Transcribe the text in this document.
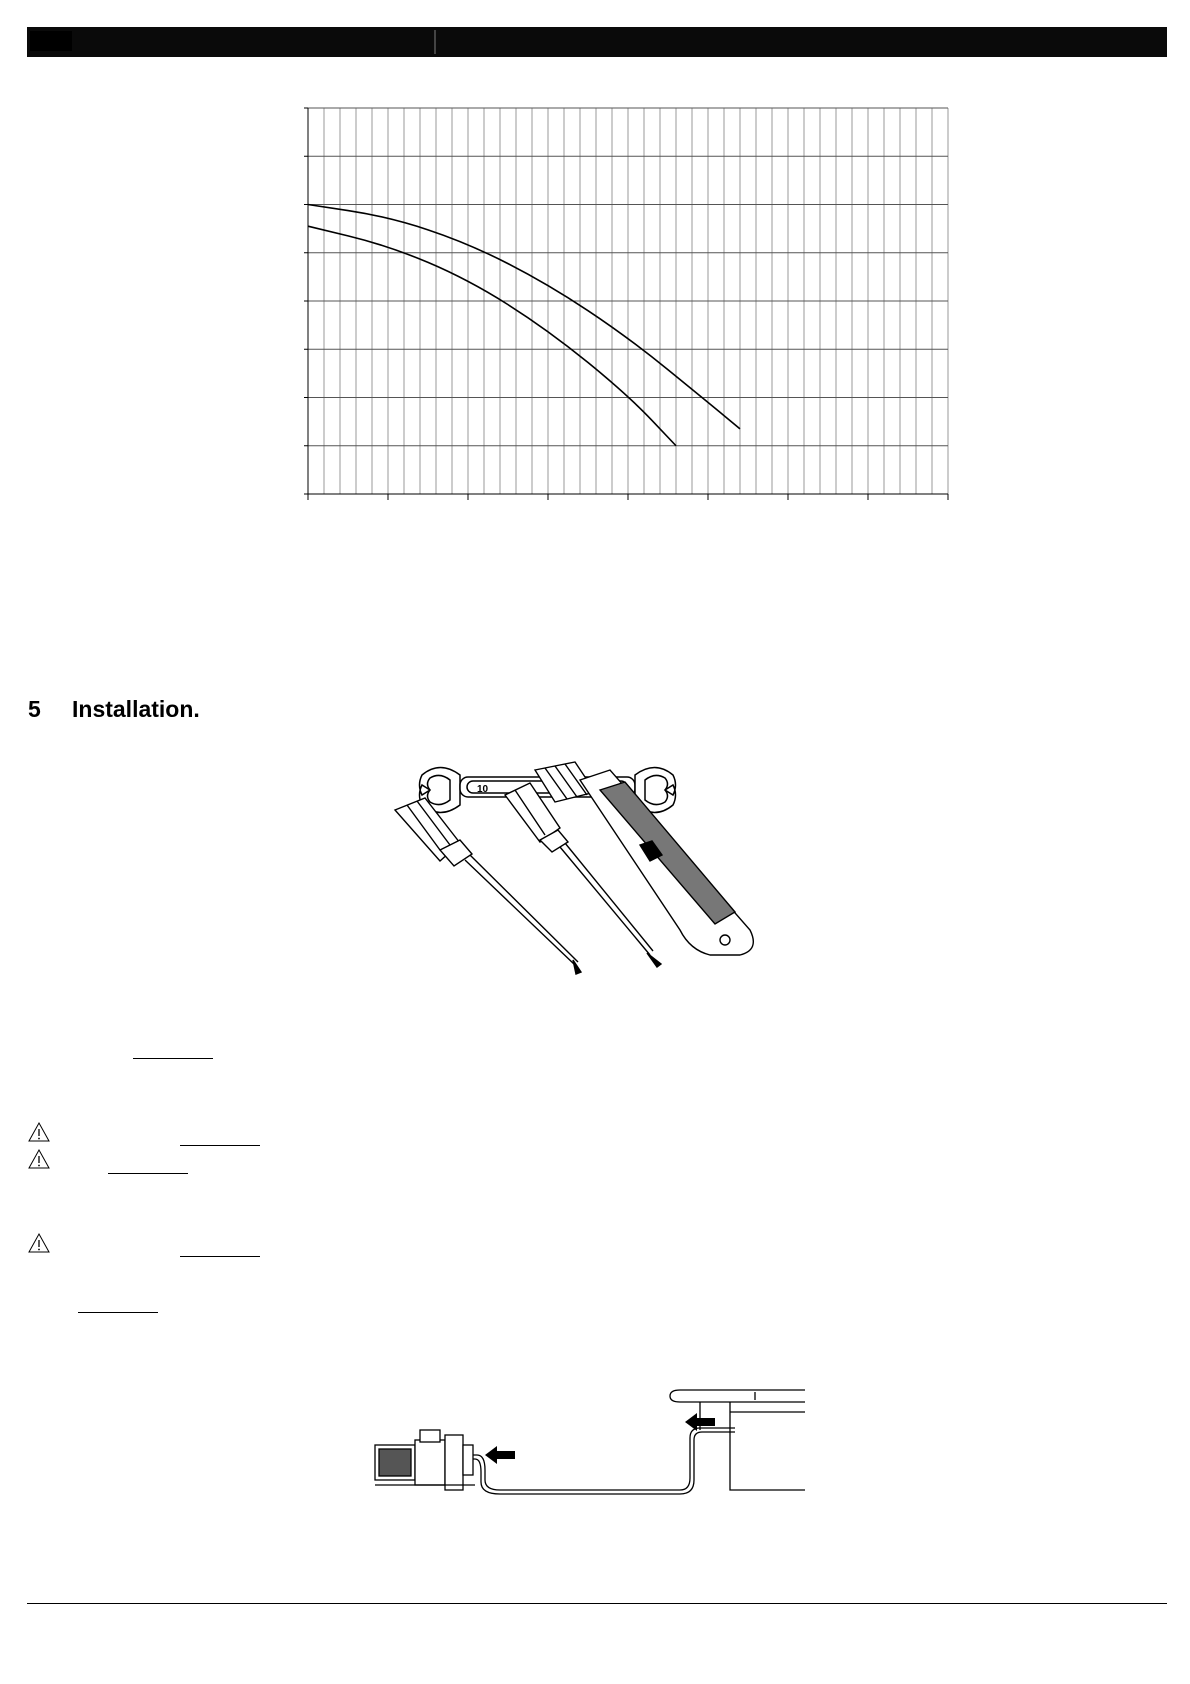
5 Installation.
10
